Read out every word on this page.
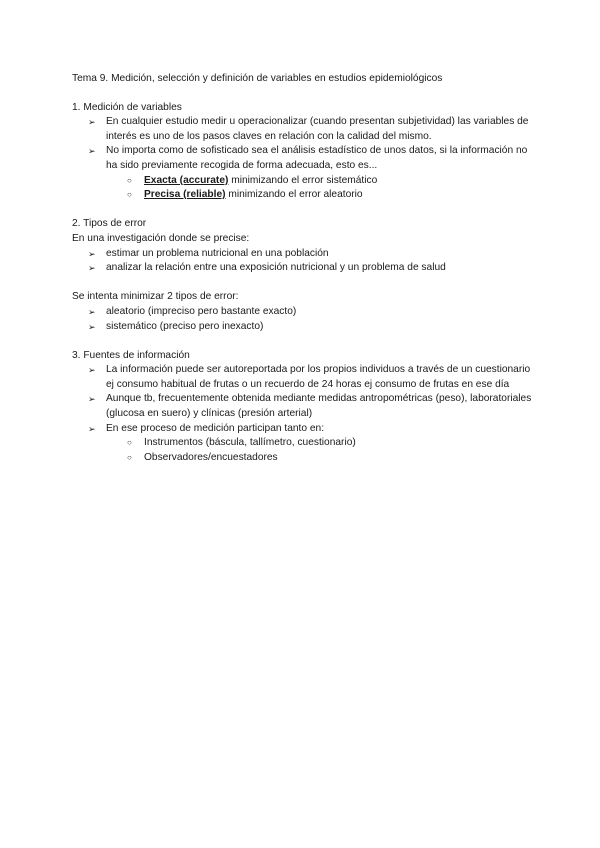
Tema 9. Medición, selección y definición de variables en estudios epidemiológicos

1. Medición de variables

➢ En cualquier estudio medir u operacionalizar (cuando presentan subjetividad) las variables de interés es uno de los pasos claves en relación con la calidad del mismo.
➢ No importa como de sofisticado sea el análisis estadístico de unos datos, si la información no ha sido previamente recogida de forma adecuada, esto es...
○ Exacta (accurate) minimizando el error sistemático
○ Precisa (reliable) minimizando el error aleatorio

2. Tipos de error

En una investigación donde se precise:

➢ estimar un problema nutricional en una población
➢ analizar la relación entre una exposición nutricional y un problema de salud

Se intenta minimizar 2 tipos de error:

➢ aleatorio (impreciso pero bastante exacto)
➢ sistemático (preciso pero inexacto)

3. Fuentes de información

➢ La información puede ser autoreportada por los propios individuos a través de un cuestionario ej consumo habitual de frutas o un recuerdo de 24 horas ej consumo de frutas en ese día
➢ Aunque tb, frecuentemente obtenida mediante medidas antropométricas (peso), laboratoriales (glucosa en suero) y clínicas (presión arterial)
➢ En ese proceso de medición participan tanto en:
○ Instrumentos (báscula, tallímetro, cuestionario)
○ Observadores/encuestadores
